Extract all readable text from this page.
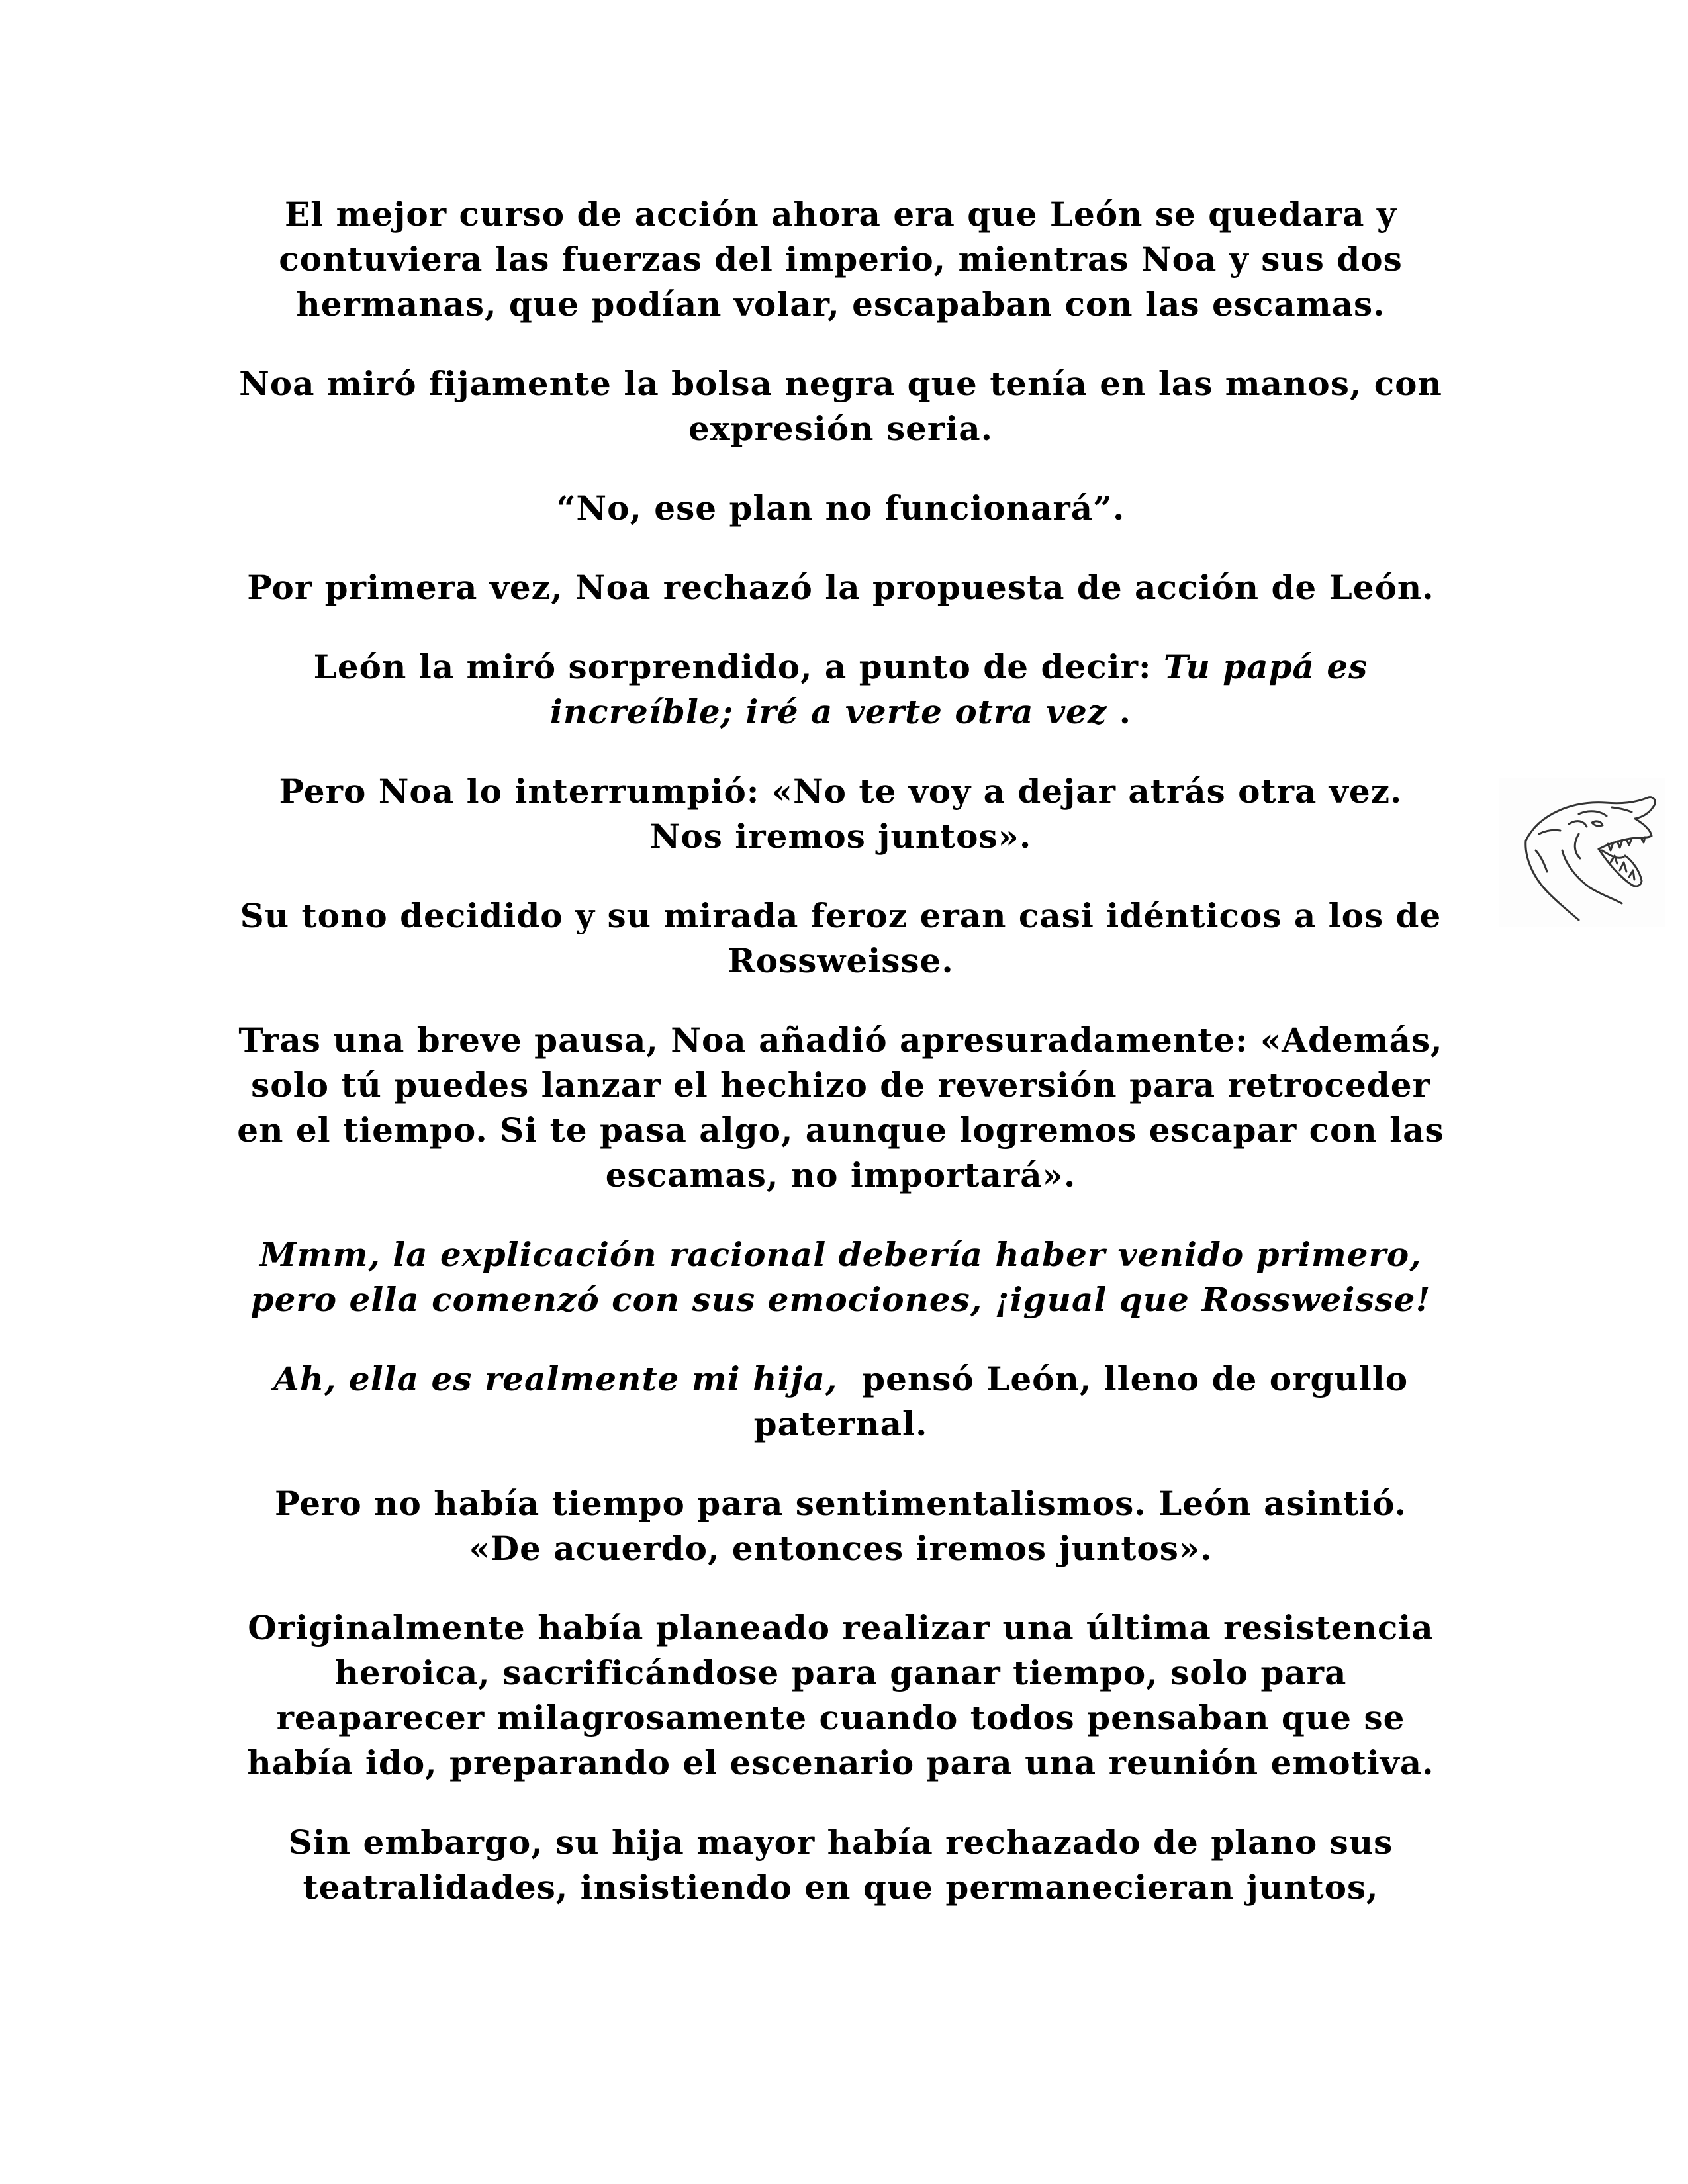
El mejor curso de acción ahora era que León se quedara y
contuviera las fuerzas del imperio, mientras Noa y sus dos
hermanas, que podían volar, escapaban con las escamas.

Noa miró fijamente la bolsa negra que tenía en las manos, con
expresión seria.

“No, ese plan no funcionará”.

Por primera vez, Noa rechazó la propuesta de acción de León.

León la miró sorprendido, a punto de decir: Tu papá es
increíble; iré a verte otra vez .

Pero Noa lo interrumpió: «No te voy a dejar atrás otra vez.
Nos iremos juntos».

Su tono decidido y su mirada feroz eran casi idénticos a los de
Rossweisse.

Tras una breve pausa, Noa añadió apresuradamente: «Además,
solo tú puedes lanzar el hechizo de reversión para retroceder
en el tiempo. Si te pasa algo, aunque logremos escapar con las
escamas, no importará».

Mmm, la explicación racional debería haber venido primero,
pero ella comenzó con sus emociones, ¡igual que Rossweisse!

Ah, ella es realmente mi hija,  pensó León, lleno de orgullo
paternal.

Pero no había tiempo para sentimentalismos. León asintió.
«De acuerdo, entonces iremos juntos».

Originalmente había planeado realizar una última resistencia
heroica, sacrificándose para ganar tiempo, solo para
reaparecer milagrosamente cuando todos pensaban que se
había ido, preparando el escenario para una reunión emotiva.

Sin embargo, su hija mayor había rechazado de plano sus
teatralidades, insistiendo en que permanecieran juntos,
